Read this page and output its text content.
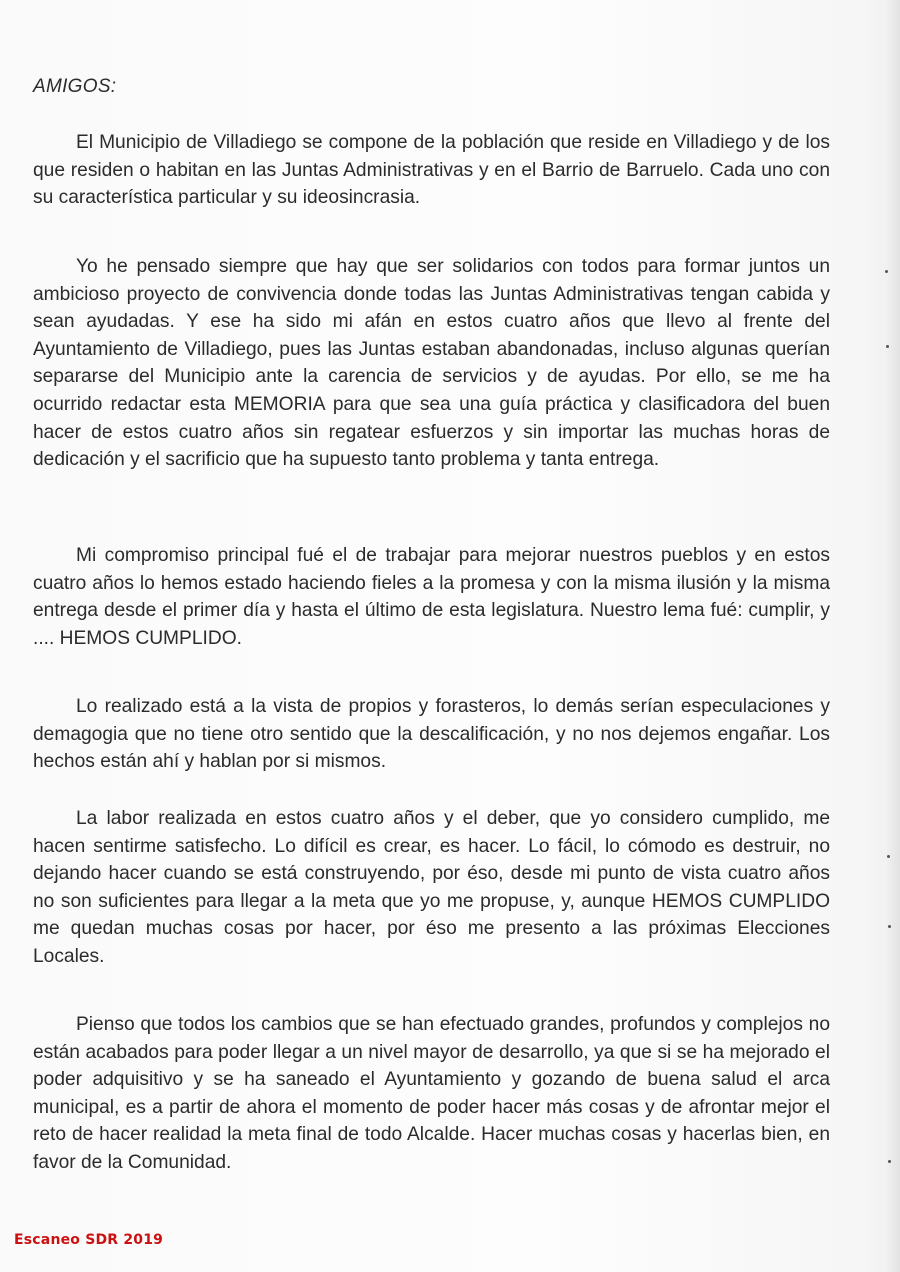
AMIGOS:

El Municipio de Villadiego se compone de la población que reside en Villadiego y de los que residen o habitan en las Juntas Administrativas y en el Barrio de Barruelo. Cada uno con su característica particular y su ideosincrasia.

Yo he pensado siempre que hay que ser solidarios con todos para formar juntos un ambicioso proyecto de convivencia donde todas las Juntas Administrativas tengan cabida y sean ayudadas. Y ese ha sido mi afán en estos cuatro años que llevo al frente del Ayuntamiento de Villadiego, pues las Juntas estaban abandonadas, incluso algunas querían separarse del Municipio ante la carencia de servicios y de ayudas. Por ello, se me ha ocurrido redactar esta MEMORIA para que sea una guía práctica y clasificadora del buen hacer de estos cuatro años sin regatear esfuerzos y sin importar las muchas horas de dedicación y el sacrificio que ha supuesto tanto problema y tanta entrega.

Mi compromiso principal fué el de trabajar para mejorar nuestros pueblos y en estos cuatro años lo hemos estado haciendo fieles a la promesa y con la misma ilusión y la misma entrega desde el primer día y hasta el último de esta legislatura. Nuestro lema fué: cumplir, y .... HEMOS CUMPLIDO.

Lo realizado está a la vista de propios y forasteros, lo demás serían especulaciones y demagogia que no tiene otro sentido que la descalificación, y no nos dejemos engañar. Los hechos están ahí y hablan por si mismos.

La labor realizada en estos cuatro años y el deber, que yo considero cumplido, me hacen sentirme satisfecho. Lo difícil es crear, es hacer. Lo fácil, lo cómodo es destruir, no dejando hacer cuando se está construyendo, por éso, desde mi punto de vista cuatro años no son suficientes para llegar a la meta que yo me propuse, y, aunque HEMOS CUMPLIDO me quedan muchas cosas por hacer, por éso me presento a las próximas Elecciones Locales.

Pienso que todos los cambios que se han efectuado grandes, profundos y complejos no están acabados para poder llegar a un nivel mayor de desarrollo, ya que si se ha mejorado el poder adquisitivo y se ha saneado el Ayuntamiento y gozando de buena salud el arca municipal, es a partir de ahora el momento de poder hacer más cosas y de afrontar mejor el reto de hacer realidad la meta final de todo Alcalde. Hacer muchas cosas y hacerlas bien, en favor de la Comunidad.

Escaneo SDR 2019
